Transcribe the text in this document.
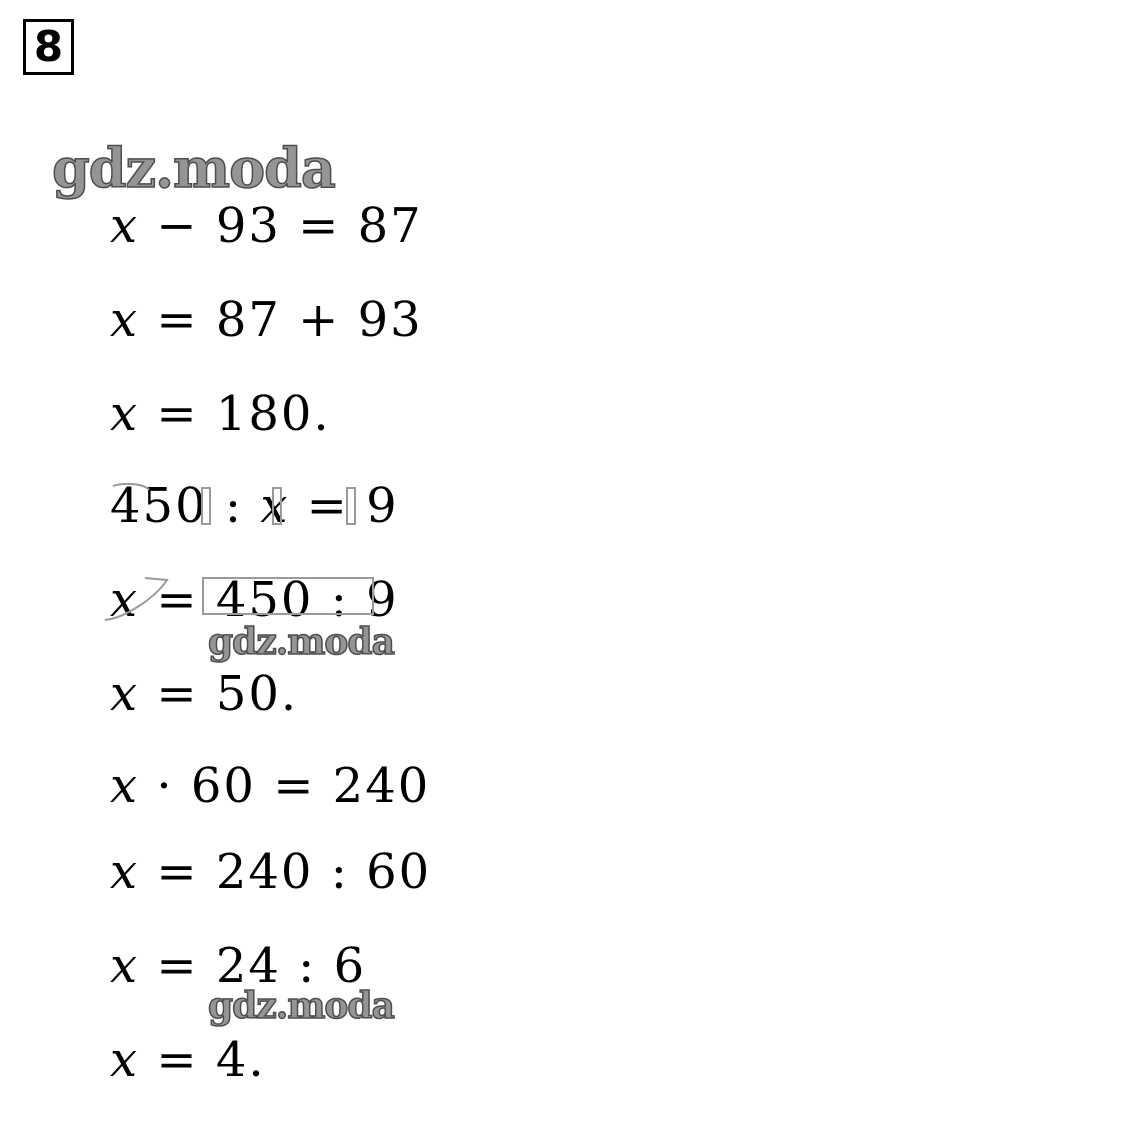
8
gdz.moda
x − 93 = 87
x = 87 + 93
x = 180.
450 : x = 9
x = 450 : 9
x = 50.
x · 60 = 240
x = 240 : 60
x = 24 : 6
x = 4.
gdz.moda
gdz.moda
